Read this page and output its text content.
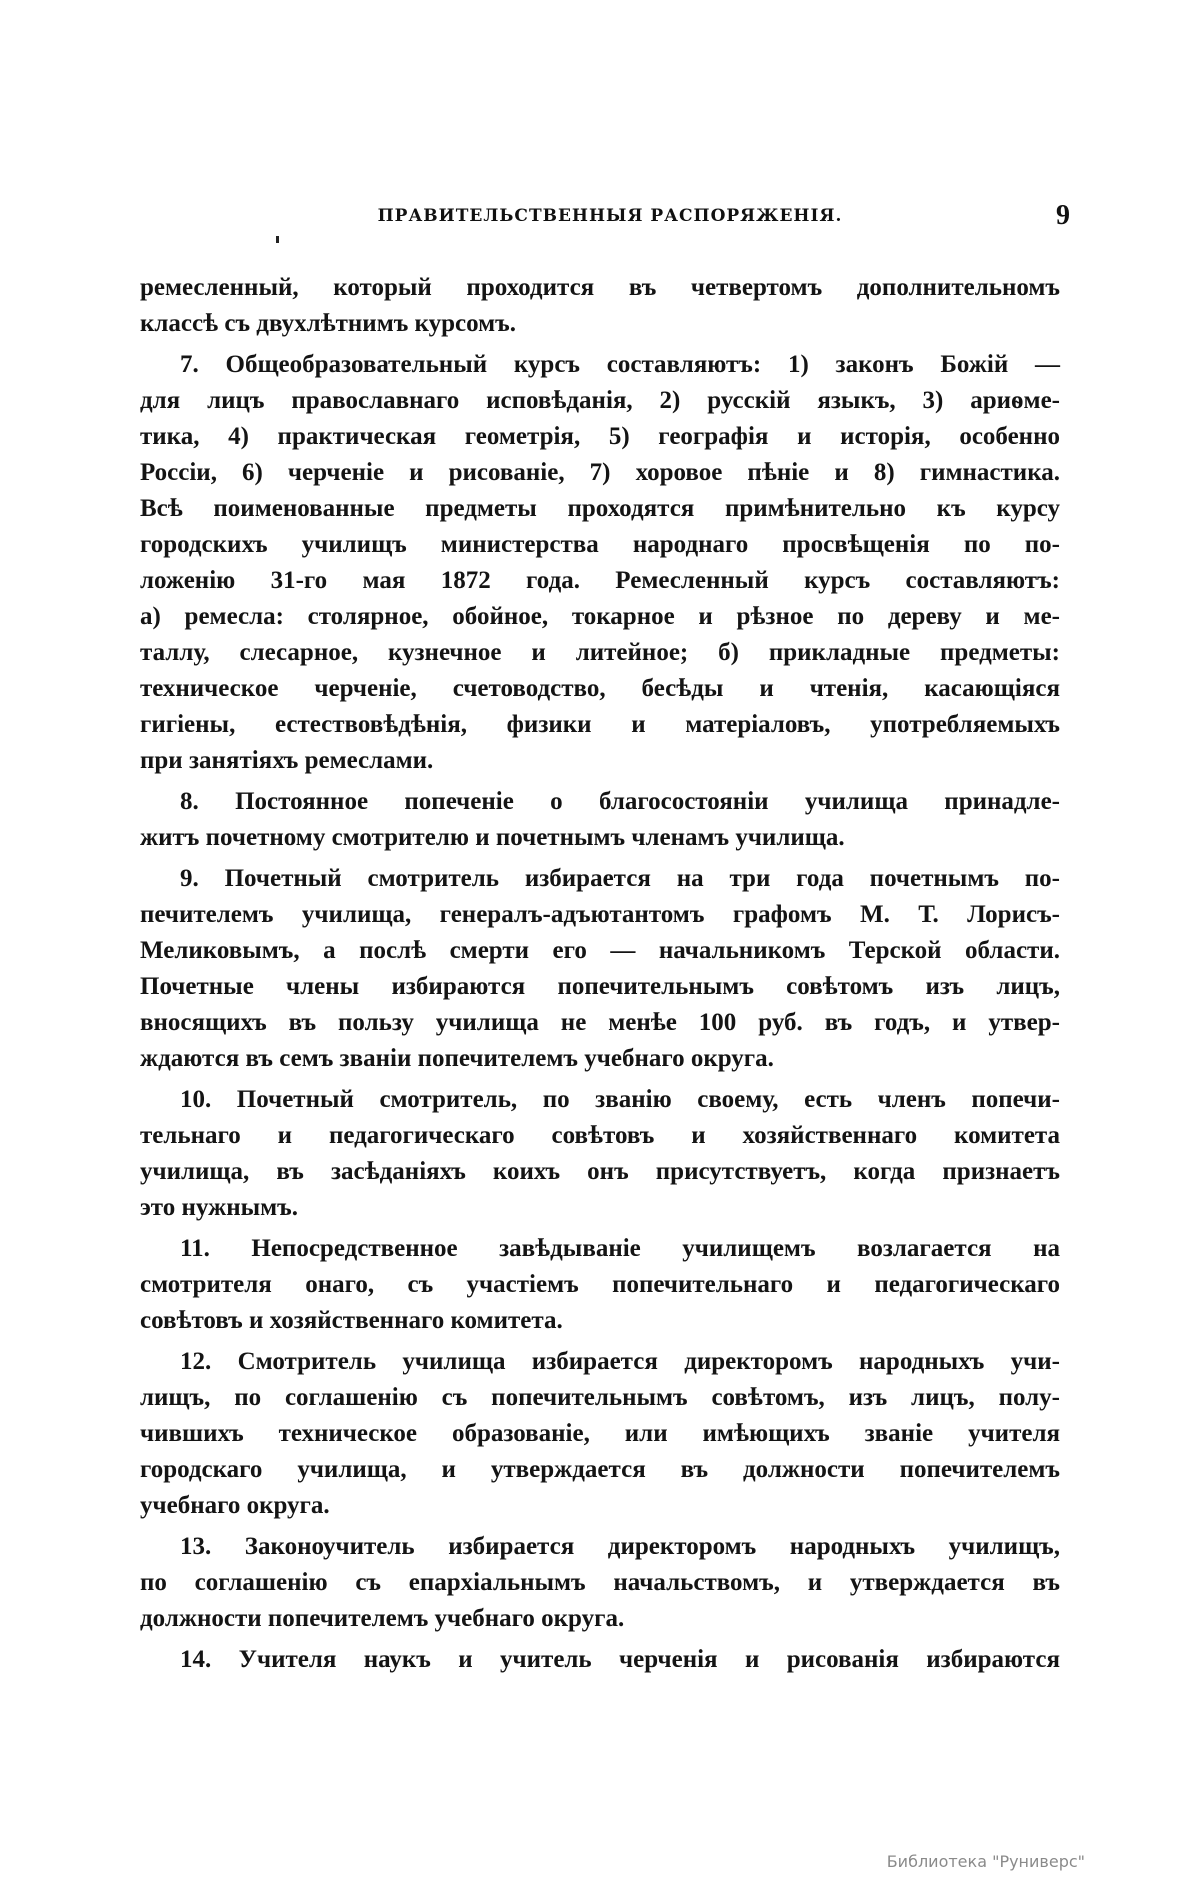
ПРАВИТЕЛЬСТВЕННЫЯ РАСПОРЯЖЕНІЯ.	9
ремесленный, который проходится въ четвертомъ дополнительномъ
классѣ съ двухлѣтнимъ курсомъ.
7. Общеобразовательный курсъ составляютъ: 1) законъ Божій —
для лицъ православнаго исповѣданія, 2) русскій языкъ, 3) ариѳме-
тика, 4) практическая геометрія, 5) географія и исторія, особенно
Россіи, 6) черченіе и рисованіе, 7) хоровое пѣніе и 8) гимнастика.
Всѣ поименованные предметы проходятся примѣнительно къ курсу
городскихъ училищъ министерства народнаго просвѣщенія по по-
ложенію 31-го мая 1872 года. Ремесленный курсъ составляютъ:
а) ремесла: столярное, обойное, токарное и рѣзное по дереву и ме-
таллу, слесарное, кузнечное и литейное; б) прикладные предметы:
техническое черченіе, счетоводство, бесѣды и чтенія, касающіяся
гигіены, естествовѣдѣнія, физики и матеріаловъ, употребляемыхъ
при занятіяхъ ремеслами.
8. Постоянное попеченіе о благосостояніи училища принадле-
житъ почетному смотрителю и почетнымъ членамъ училища.
9. Почетный смотритель избирается на три года почетнымъ по-
печителемъ училища, генералъ-адъютантомъ графомъ М. Т. Лорисъ-
Меликовымъ, а послѣ смерти его — начальникомъ Терской области.
Почетные члены избираются попечительнымъ совѣтомъ изъ лицъ,
вносящихъ въ пользу училища не менѣе 100 руб. въ годъ, и утвер-
ждаются въ семъ званіи попечителемъ учебнаго округа.
10. Почетный смотритель, по званію своему, есть членъ попечи-
тельнаго и педагогическаго совѣтовъ и хозяйственнаго комитета
училища, въ засѣданіяхъ коихъ онъ присутствуетъ, когда признаетъ
это нужнымъ.
11. Непосредственное завѣдываніе училищемъ возлагается на
смотрителя онаго, съ участіемъ попечительнаго и педагогическаго
совѣтовъ и хозяйственнаго комитета.
12. Смотритель училища избирается директоромъ народныхъ учи-
лищъ, по соглашенію съ попечительнымъ совѣтомъ, изъ лицъ, полу-
чившихъ техническое образованіе, или имѣющихъ званіе учителя
городскаго училища, и утверждается въ должности попечителемъ
учебнаго округа.
13. Законоучитель избирается директоромъ народныхъ училищъ,
по соглашенію съ епархіальнымъ начальствомъ, и утверждается въ
должности попечителемъ учебнаго округа.
14. Учителя наукъ и учитель черченія и рисованія избираются
Библиотека "Руниверс"
